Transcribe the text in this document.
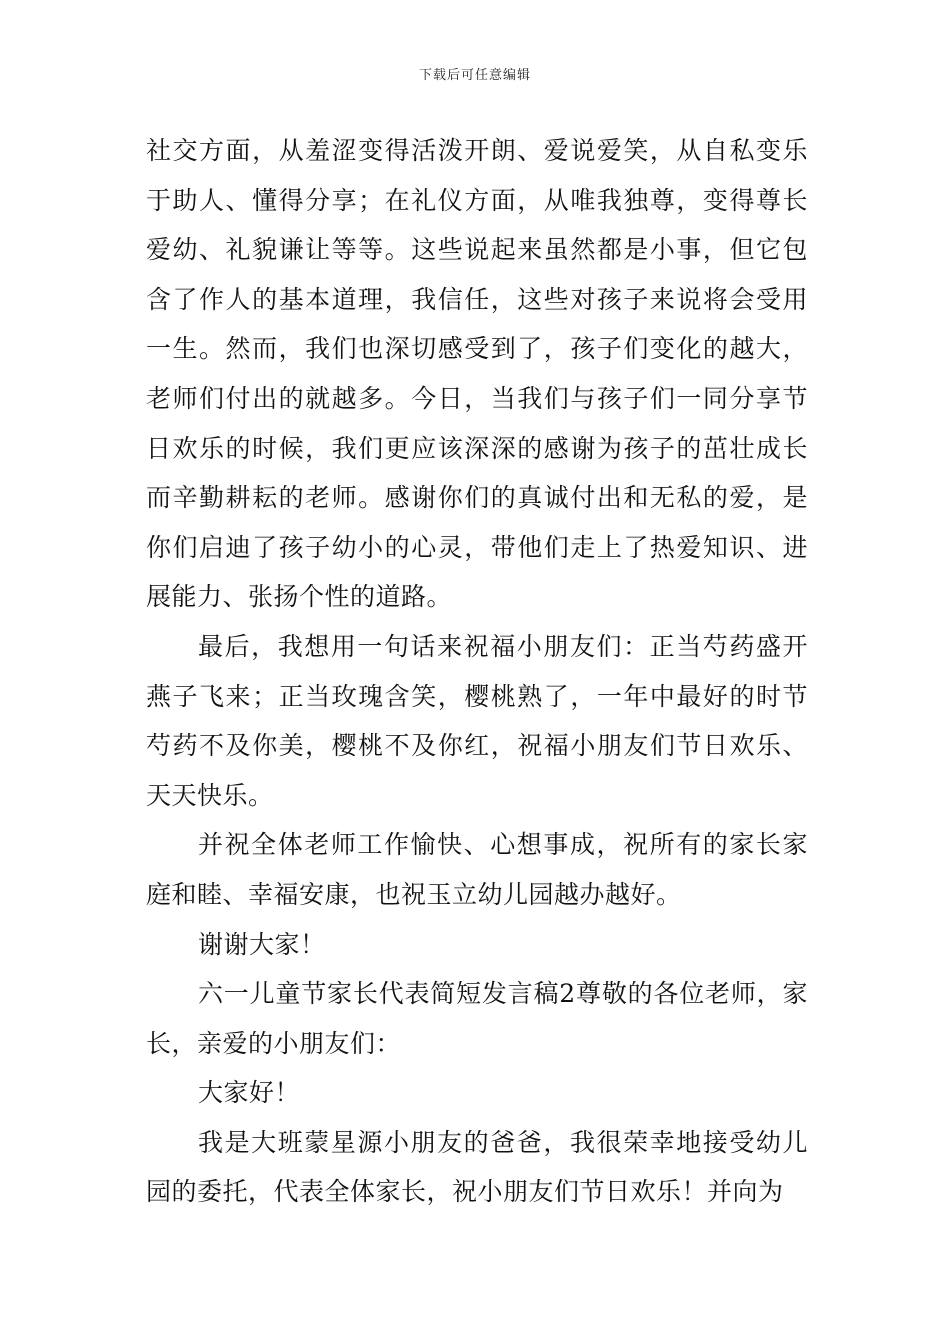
下载后可任意编辑

社交方面，从羞涩变得活泼开朗、爱说爱笑，从自私变乐于助人、懂得分享；在礼仪方面，从唯我独尊，变得尊长爱幼、礼貌谦让等等。这些说起来虽然都是小事，但它包含了作人的基本道理，我信任，这些对孩子来说将会受用一生。然而，我们也深切感受到了，孩子们变化的越大，老师们付出的就越多。今日，当我们与孩子们一同分享节日欢乐的时候，我们更应该深深的感谢为孩子的茁壮成长而辛勤耕耘的老师。感谢你们的真诚付出和无私的爱，是你们启迪了孩子幼小的心灵，带他们走上了热爱知识、进展能力、张扬个性的道路。

最后，我想用一句话来祝福小朋友们：正当芍药盛开燕子飞来；正当玫瑰含笑，樱桃熟了，一年中最好的时节芍药不及你美，樱桃不及你红，祝福小朋友们节日欢乐、天天快乐。

并祝全体老师工作愉快、心想事成，祝所有的家长家庭和睦、幸福安康，也祝玉立幼儿园越办越好。

谢谢大家！

六一儿童节家长代表简短发言稿2尊敬的各位老师，家长，亲爱的小朋友们：

大家好！

我是大班蒙星源小朋友的爸爸，我很荣幸地接受幼儿园的委托，代表全体家长，祝小朋友们节日欢乐！并向为
